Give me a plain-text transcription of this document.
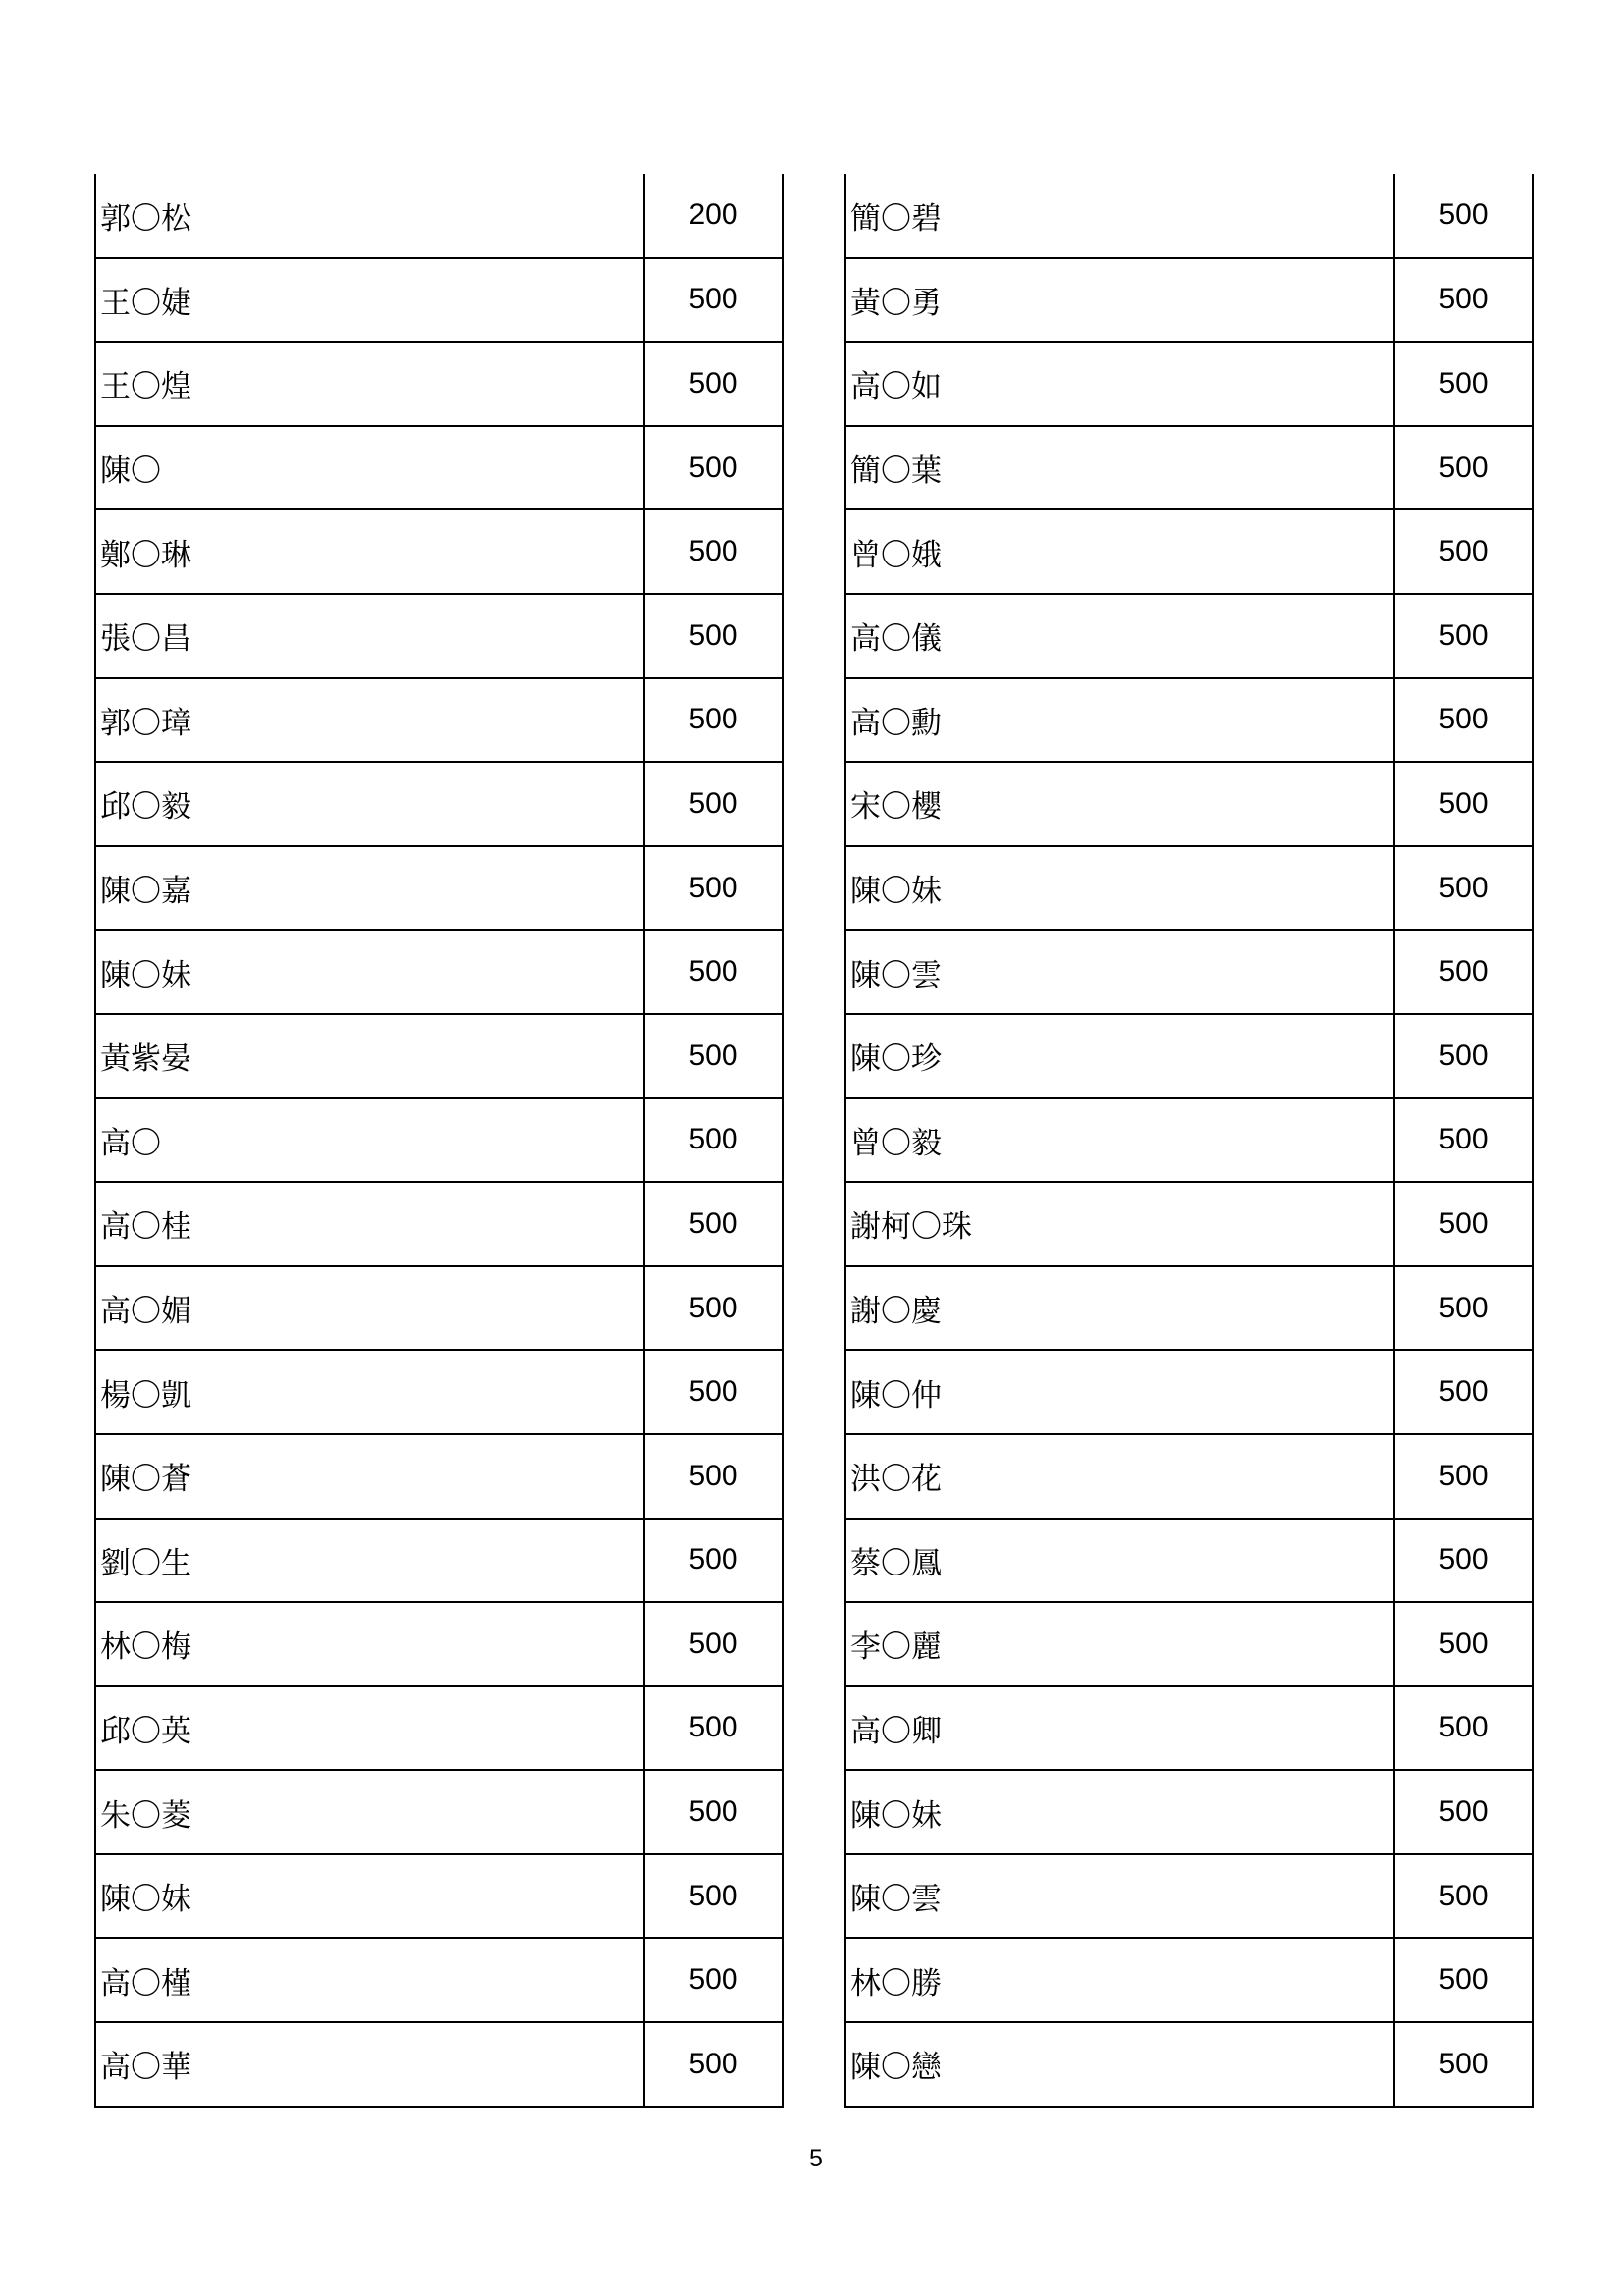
郭〇松	200
王〇婕	500
王〇煌	500
陳〇	500
鄭〇琳	500
張〇昌	500
郭〇璋	500
邱〇毅	500
陳〇嘉	500
陳〇妹	500
黃紫晏	500
高〇	500
高〇桂	500
高〇媚	500
楊〇凱	500
陳〇蒼	500
劉〇生	500
林〇梅	500
邱〇英	500
朱〇菱	500
陳〇妹	500
高〇槿	500
高〇華	500
簡〇碧	500
黃〇勇	500
高〇如	500
簡〇葉	500
曾〇娥	500
高〇儀	500
高〇勳	500
宋〇櫻	500
陳〇妹	500
陳〇雲	500
陳〇珍	500
曾〇毅	500
謝柯〇珠	500
謝〇慶	500
陳〇仲	500
洪〇花	500
蔡〇鳳	500
李〇麗	500
高〇卿	500
陳〇妹	500
陳〇雲	500
林〇勝	500
陳〇戀	500
5
